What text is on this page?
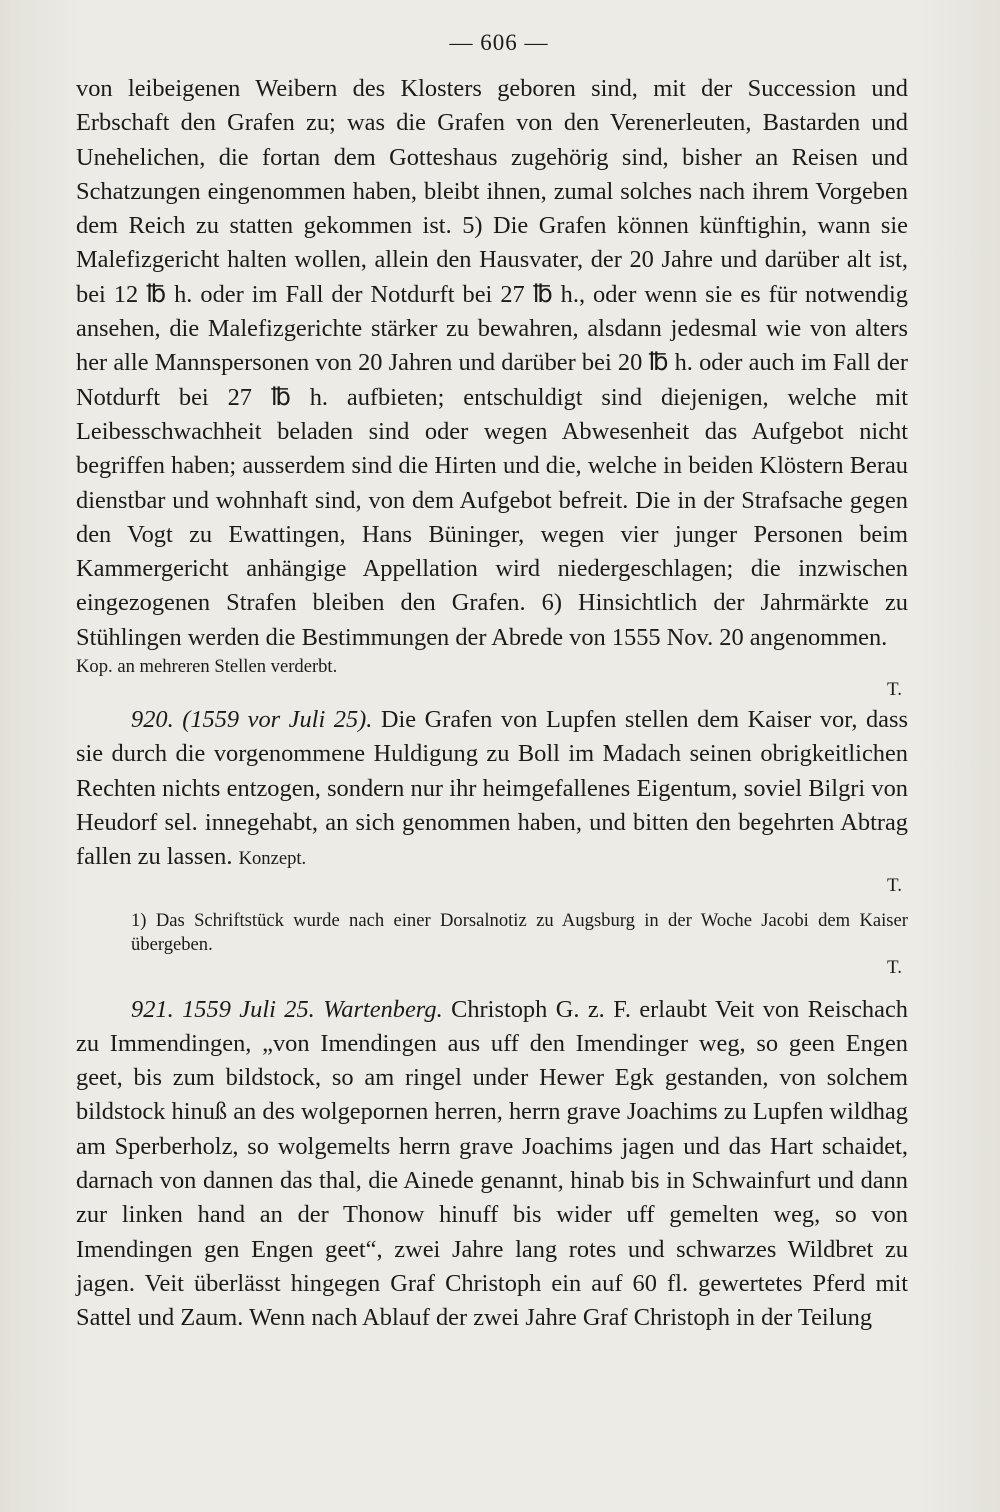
— 606 —

von leibeigenen Weibern des Klosters geboren sind, mit der Succession und Erbschaft den Grafen zu; was die Grafen von den Verenerleuten, Bastarden und Unehelichen, die fortan dem Gotteshaus zugehörig sind, bisher an Reisen und Schatzungen eingenommen haben, bleibt ihnen, zumal solches nach ihrem Vorgeben dem Reich zu statten gekommen ist. 5) Die Grafen können künftighin, wann sie Malefizgericht halten wollen, allein den Hausvater, der 20 Jahre und darüber alt ist, bei 12 ℔ h. oder im Fall der Notdurft bei 27 ℔ h., oder wenn sie es für notwendig ansehen, die Malefizgerichte stärker zu bewahren, alsdann jedesmal wie von alters her alle Mannspersonen von 20 Jahren und darüber bei 20 ℔ h. oder auch im Fall der Notdurft bei 27 ℔ h. aufbieten; entschuldigt sind diejenigen, welche mit Leibesschwachheit beladen sind oder wegen Abwesenheit das Aufgebot nicht begriffen haben; ausserdem sind die Hirten und die, welche in beiden Klöstern Berau dienstbar und wohnhaft sind, von dem Aufgebot befreit. Die in der Strafsache gegen den Vogt zu Ewattingen, Hans Büninger, wegen vier junger Personen beim Kammergericht anhängige Appellation wird niedergeschlagen; die inzwischen eingezogenen Strafen bleiben den Grafen. 6) Hinsichtlich der Jahrmärkte zu Stühlingen werden die Bestimmungen der Abrede von 1555 Nov. 20 angenommen.

Kop. an mehreren Stellen verderbt.

T.

920. (1559 vor Juli 25). Die Grafen von Lupfen stellen dem Kaiser vor, dass sie durch die vorgenommene Huldigung zu Boll im Madach seinen obrigkeitlichen Rechten nichts entzogen, sondern nur ihr heimgefallenes Eigentum, soviel Bilgri von Heudorf sel. innegehabt, an sich genommen haben, und bitten den begehrten Abtrag fallen zu lassen. Konzept.

T.

1) Das Schriftstück wurde nach einer Dorsalnotiz zu Augsburg in der Woche Jacobi dem Kaiser übergeben.

T.

921. 1559 Juli 25. Wartenberg. Christoph G. z. F. erlaubt Veit von Reischach zu Immendingen, „von Imendingen aus uff den Imendinger weg, so geen Engen geet, bis zum bildstock, so am ringel under Hewer Egk gestanden, von solchem bildstock hinuß an des wolgepornen herren, herrn grave Joachims zu Lupfen wildhag am Sperberholz, so wolgemelts herrn grave Joachims jagen und das Hart schaidet, darnach von dannen das thal, die Ainede genannt, hinab bis in Schwainfurt und dann zur linken hand an der Thonow hinuff bis wider uff gemelten weg, so von Imendingen gen Engen geet“, zwei Jahre lang rotes und schwarzes Wildbret zu jagen. Veit überlässt hingegen Graf Christoph ein auf 60 fl. gewertetes Pferd mit Sattel und Zaum. Wenn nach Ablauf der zwei Jahre Graf Christoph in der Teilung
